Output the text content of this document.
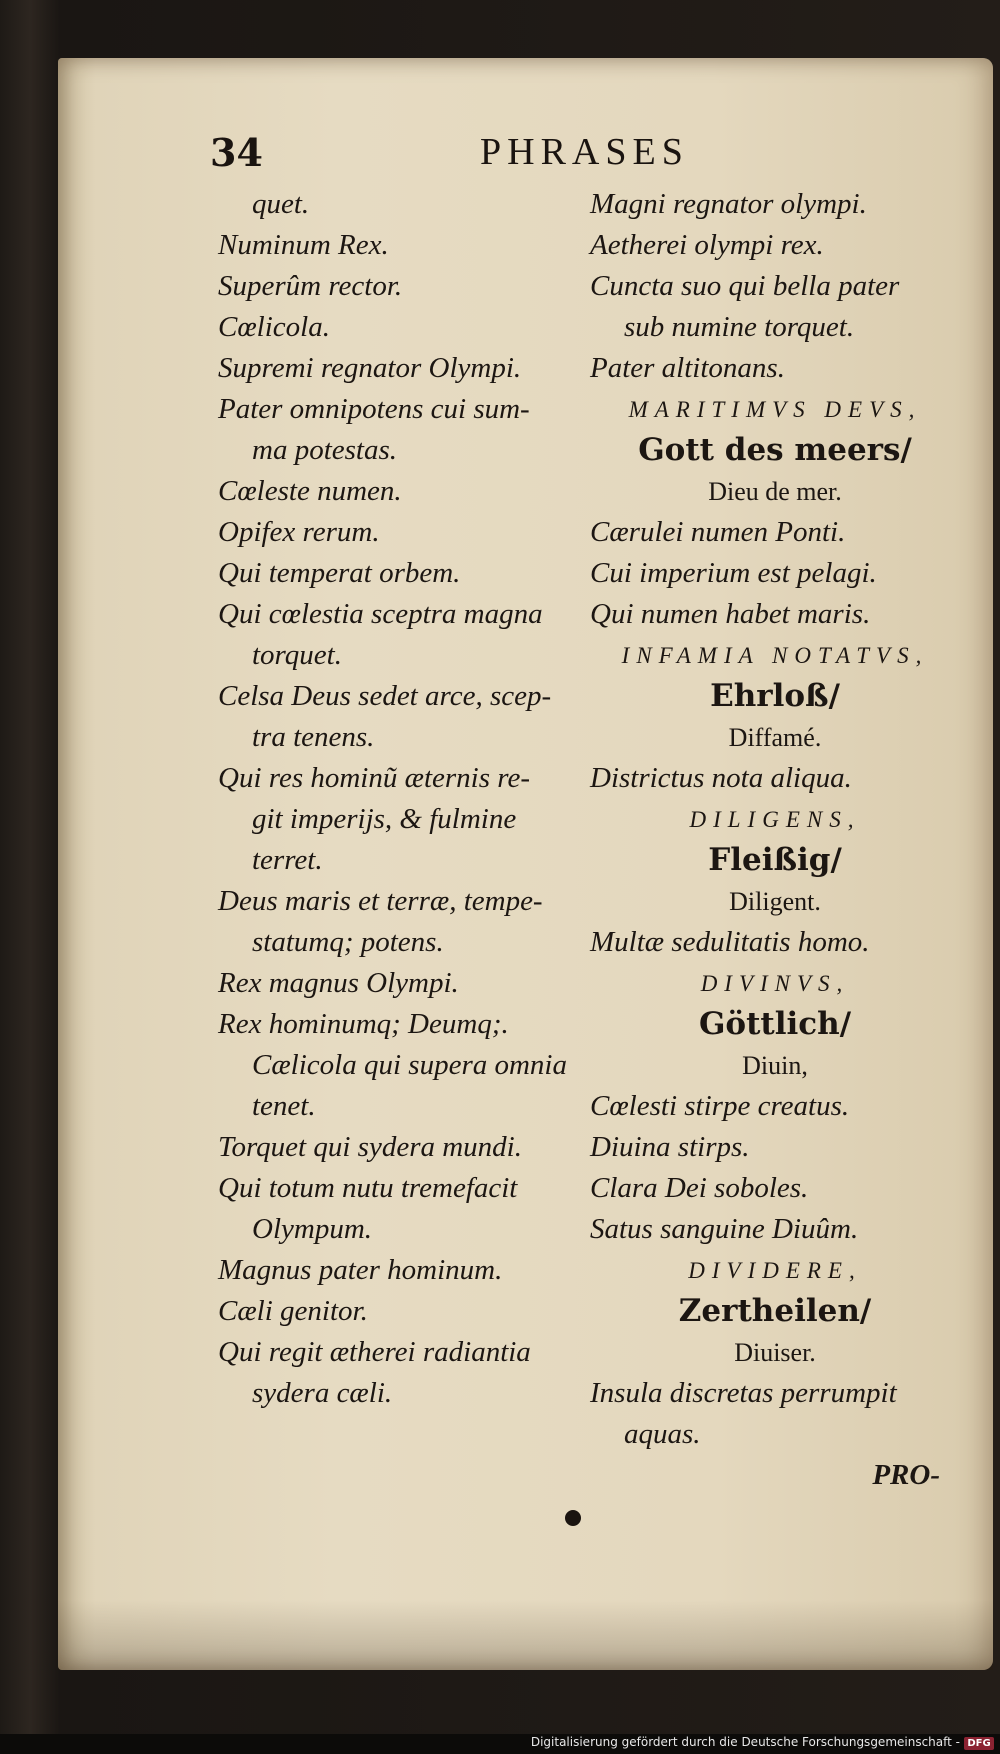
34	PHRASES
quet.
Numinum Rex.
Superûm rector.
Cœlicola.
Supremi regnator Olympi.
Pater omnipotens cui sum-
ma potestas.
Cœleste numen.
Opifex rerum.
Qui temperat orbem.
Qui cœlestia sceptra magna
torquet.
Celsa Deus sedet arce, scep-
tra tenens.
Qui res hominũ æternis re-
git imperijs, & fulmine
terret.
Deus maris et terræ, tempe-
statumq; potens.
Rex magnus Olympi.
Rex hominumq; Deumq;.
Cælicola qui supera omnia
tenet.
Torquet qui sydera mundi.
Qui totum nutu tremefacit
Olympum.
Magnus pater hominum.
Cæli genitor.
Qui regit ætherei radiantia
sydera cæli.
Magni regnator olympi.
Aetherei olympi rex.
Cuncta suo qui bella pater
sub numine torquet.
Pater altitonans.
MARITIMVS DEVS,
Gott des meers/
Dieu de mer.
Cærulei numen Ponti.
Cui imperium est pelagi.
Qui numen habet maris.
INFAMIA NOTATVS,
Ehrloß/
Diffamé.
Districtus nota aliqua.
DILIGENS,
Fleißig/
Diligent.
Multæ sedulitatis homo.
DIVINVS,
Göttlich/
Diuin,
Cœlesti stirpe creatus.
Diuina stirps.
Clara Dei soboles.
Satus sanguine Diuûm.
DIVIDERE,
Zertheilen/
Diuiser.
Insula discretas perrumpit
aquas.
PRO-
Digitalisierung gefördert durch die Deutsche Forschungsgemeinschaft - DFG
